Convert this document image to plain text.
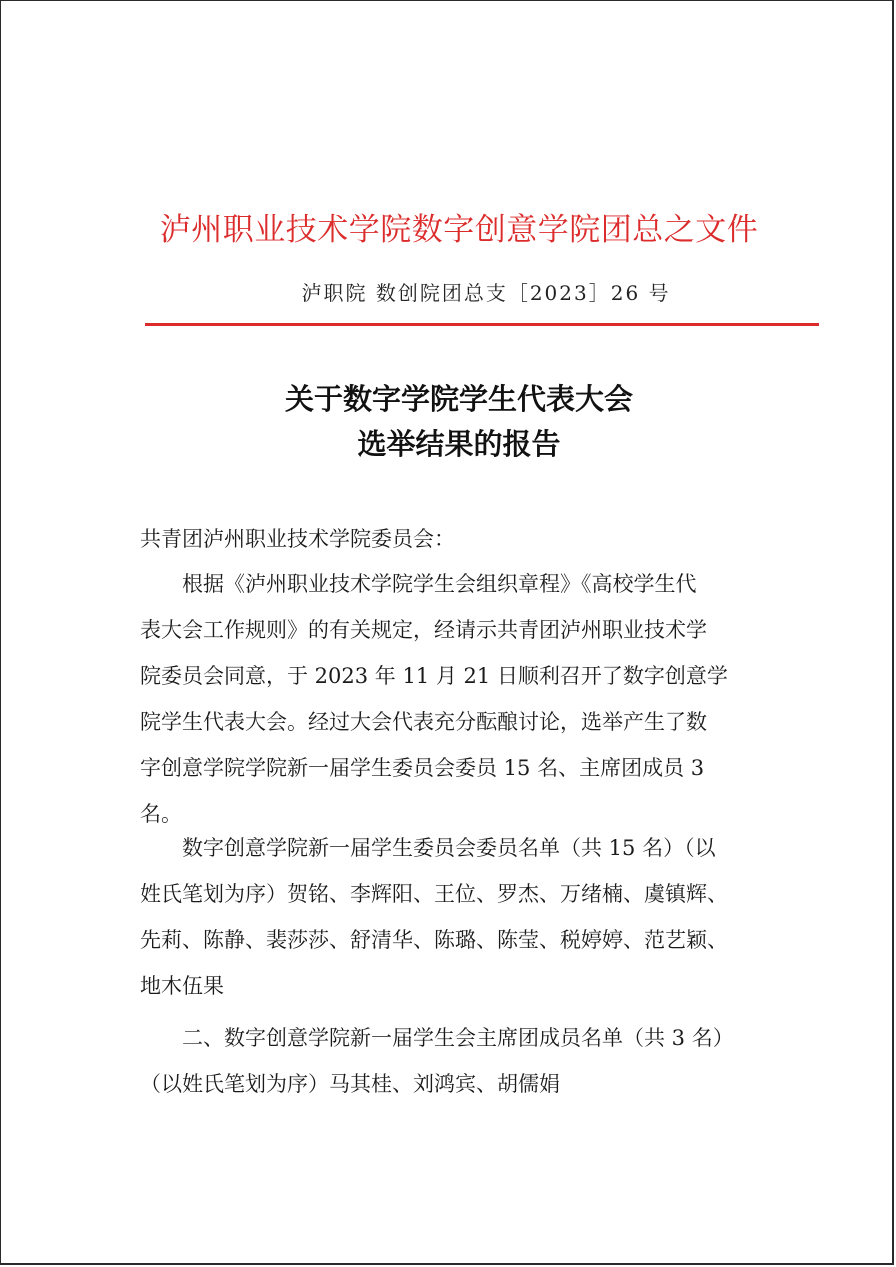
泸州职业技术学院数字创意学院团总之文件
泸职院 数创院团总支［2023］26 号
关于数字学院学生代表大会
选举结果的报告
共青团泸州职业技术学院委员会：
　　根据《泸州职业技术学院学生会组织章程》《高校学生代
表大会工作规则》的有关规定，经请示共青团泸州职业技术学
院委员会同意，于 2023 年 11 月 21 日顺利召开了数字创意学
院学生代表大会。经过大会代表充分酝酿讨论，选举产生了数
字创意学院学院新一届学生委员会委员 15 名、主席团成员 3
名。
　　数字创意学院新一届学生委员会委员名单（共 15 名）（以
姓氏笔划为序）贺铭、李辉阳、王位、罗杰、万绪楠、虞镇辉、
先莉、陈静、裴莎莎、舒清华、陈璐、陈莹、税婷婷、范艺颖、
地木伍果
　　二、数字创意学院新一届学生会主席团成员名单（共 3 名）
（以姓氏笔划为序）马其桂、刘鸿宾、胡儒娟
